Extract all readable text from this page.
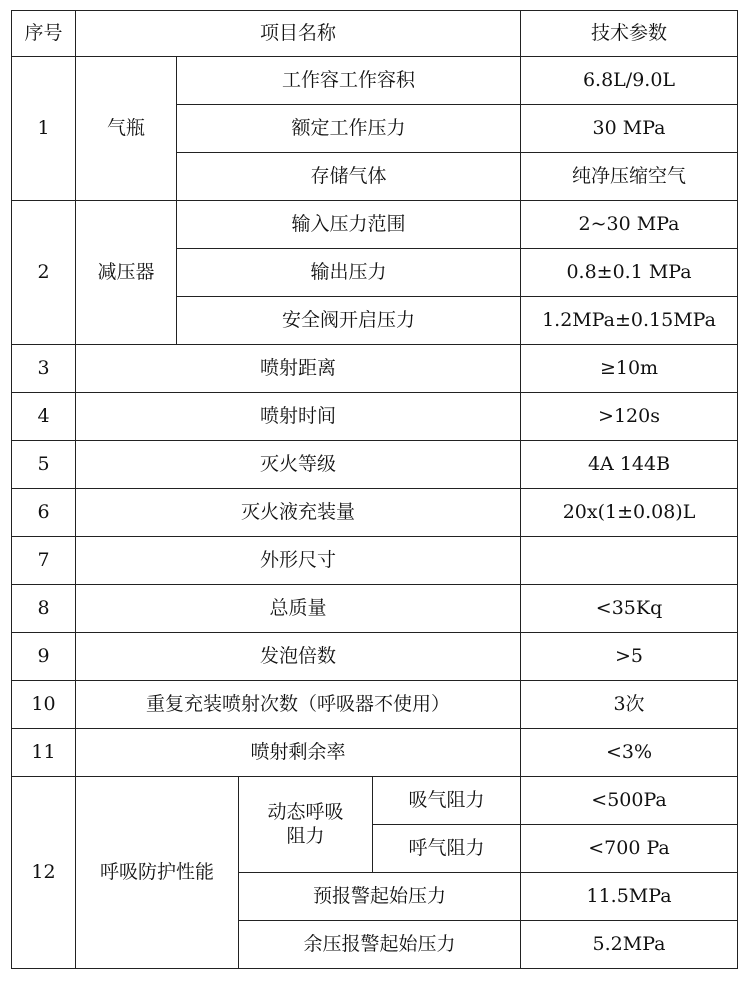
序号	项目名称				技术参数
1	气瓶	工作容工作容积			6.8L/9.0L
		额定工作压力			30 MPa
		存储气体			纯净压缩空气
2	减压器	输入压力范围			2~30 MPa
		输出压力			0.8±0.1 MPa
		安全阀开启压力			1.2MPa±0.15MPa
3	喷射距离				≥10m
4	喷射时间				>120s
5	灭火等级				4A 144B
6	灭火液充装量				20x(1±0.08)L
7	外形尺寸				
8	总质量				<35Kq
9	发泡倍数				>5
10	重复充装喷射次数（呼吸器不使用）				3次
11	喷射剩余率				<3%
12	呼吸防护性能		动态呼吸阻力	吸气阻力	<500Pa
				呼气阻力	<700 Pa
			预报警起始压力		11.5MPa
			余压报警起始压力		5.2MPa
